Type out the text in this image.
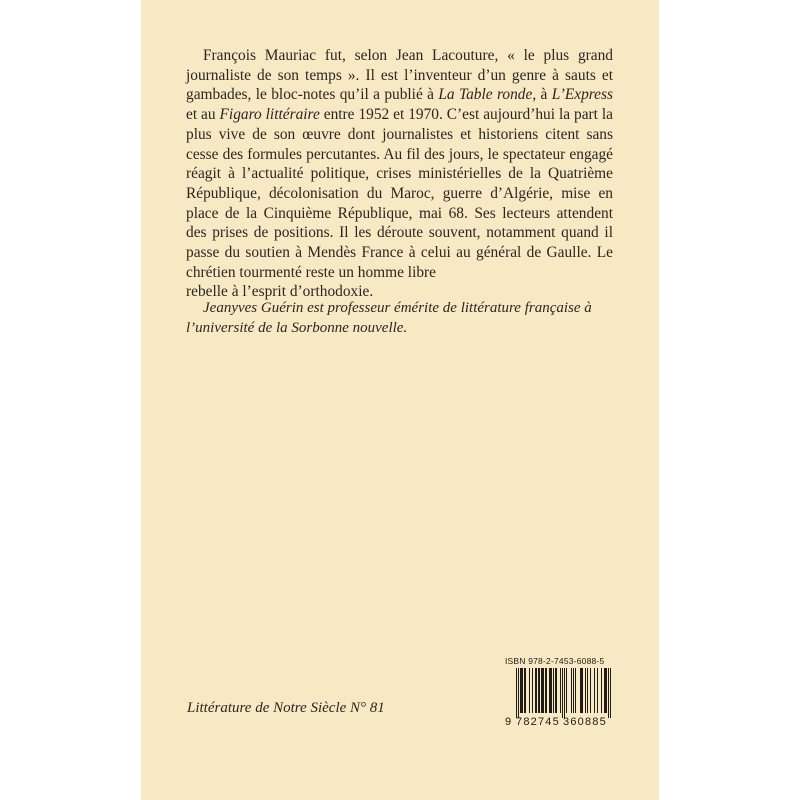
François Mauriac fut, selon Jean Lacouture, « le plus grand journaliste de son temps ». Il est l’inventeur d’un genre à sauts et gambades, le bloc-notes qu’il a publié à La Table ronde, à L’Express et au Figaro littéraire entre 1952 et 1970. C’est aujourd’hui la part la plus vive de son œuvre dont journalistes et historiens citent sans cesse des formules percutantes. Au fil des jours, le spectateur engagé réagit à l’actualité politique, crises ministérielles de la Quatrième République, décolonisation du Maroc, guerre d’Algérie, mise en place de la Cinquième République, mai 68. Ses lecteurs attendent des prises de positions. Il les déroute souvent, notamment quand il passe du soutien à Mendès France à celui au général de Gaulle. Le chrétien tourmenté reste un homme libre
rebelle à l’esprit d’orthodoxie.

Jeanyves Guérin est professeur émérite de littérature française à l’université de la Sorbonne nouvelle.

Littérature de Notre Siècle N° 81

ISBN 978-2-7453-6088-5
9 782745 360885
